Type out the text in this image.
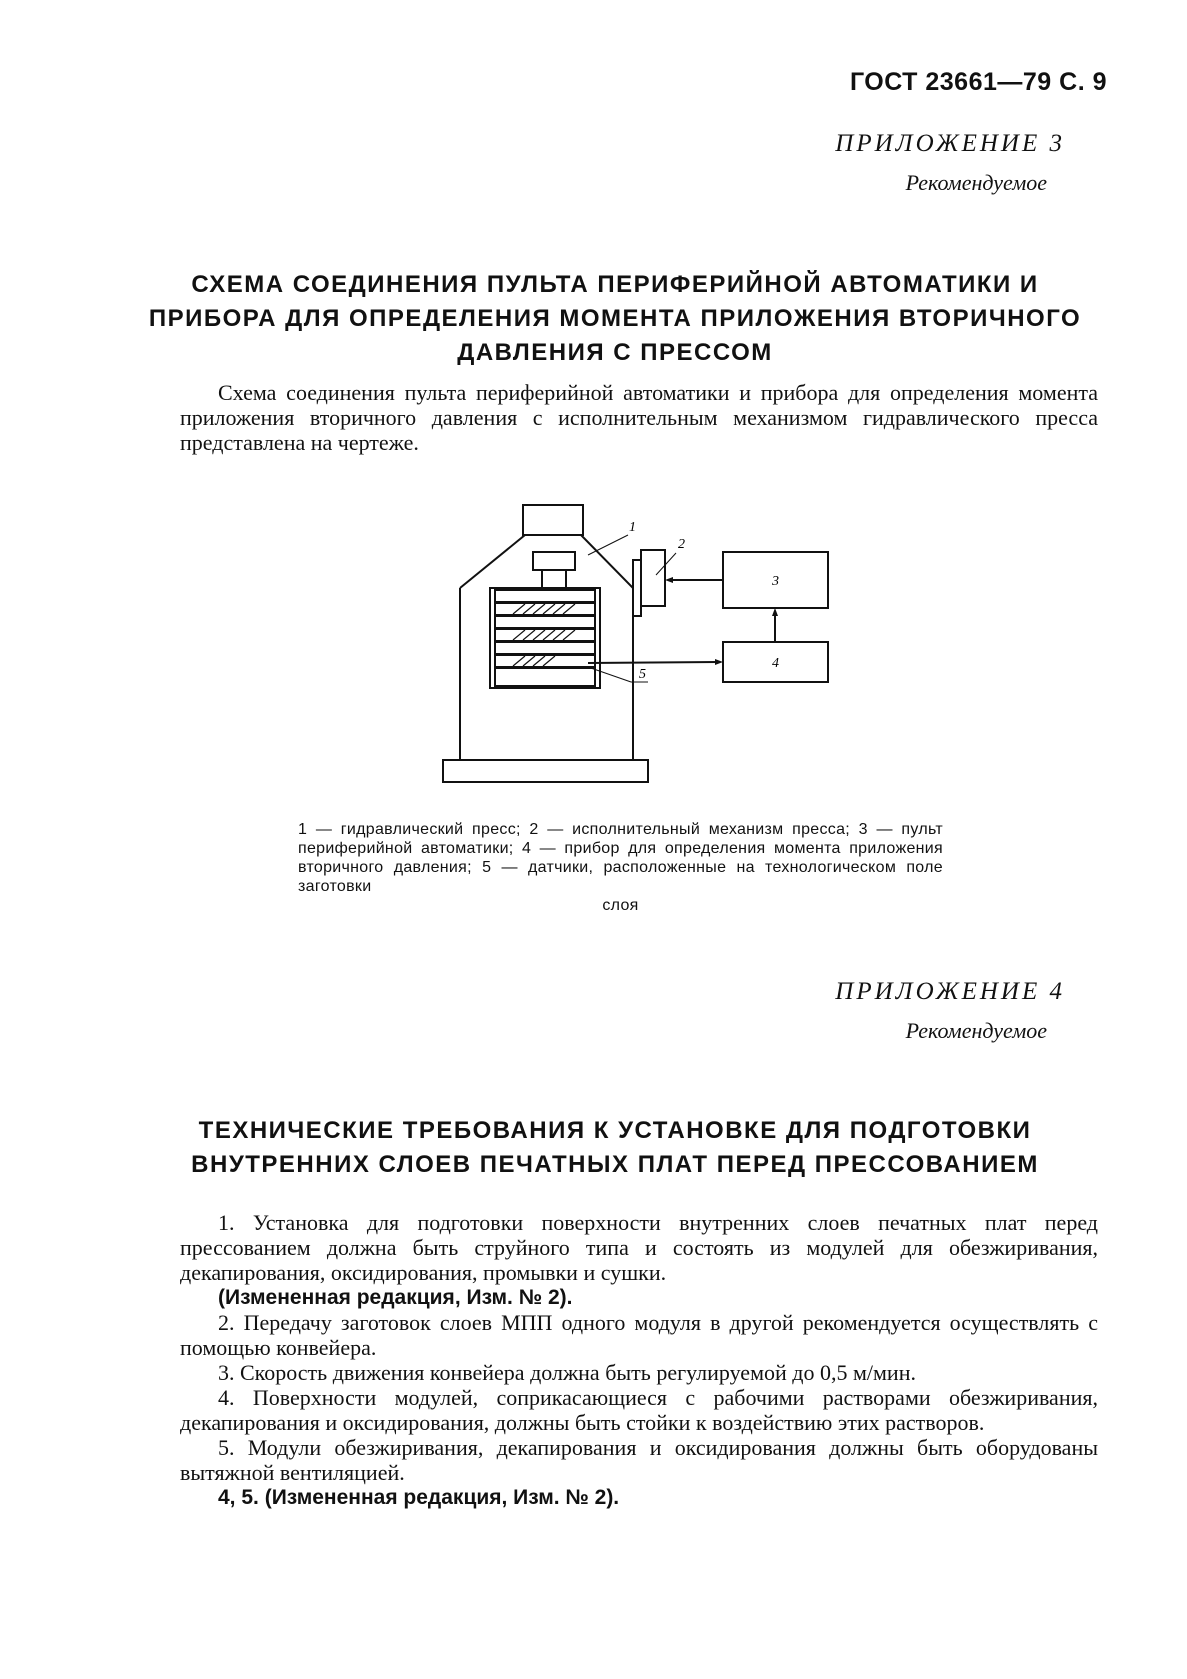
ГОСТ 23661—79 С. 9
ПРИЛОЖЕНИЕ 3
Рекомендуемое
СХЕМА СОЕДИНЕНИЯ ПУЛЬТА ПЕРИФЕРИЙНОЙ АВТОМАТИКИ И
ПРИБОРА ДЛЯ ОПРЕДЕЛЕНИЯ МОМЕНТА ПРИЛОЖЕНИЯ ВТОРИЧНОГО
ДАВЛЕНИЯ С ПРЕССОМ

Схема соединения пульта периферийной автоматики и прибора для определения момента приложения вторичного давления с исполнительным механизмом гидравлического пресса представлена на чертеже.

1
2
3
4
5
1 — гидравлический пресс; 2 — исполнительный механизм пресса; 3 — пульт периферийной автоматики; 4 — прибор для определения момента приложения вторичного давления; 5 — датчики, расположенные на технологическом поле заготовки
слоя
ПРИЛОЖЕНИЕ 4
Рекомендуемое
ТЕХНИЧЕСКИЕ ТРЕБОВАНИЯ К УСТАНОВКЕ ДЛЯ ПОДГОТОВКИ
ВНУТРЕННИХ СЛОЕВ ПЕЧАТНЫХ ПЛАТ ПЕРЕД ПРЕССОВАНИЕМ

1. Установка для подготовки поверхности внутренних слоев печатных плат перед прессованием должна быть струйного типа и состоять из модулей для обезжиривания, декапирования, оксидирования, промывки и сушки.

(Измененная редакция, Изм. № 2).

2. Передачу заготовок слоев МПП одного модуля в другой рекомендуется осуществлять с помощью конвейера.

3. Скорость движения конвейера должна быть регулируемой до 0,5 м/мин.

4. Поверхности модулей, соприкасающиеся с рабочими растворами обезжиривания, декапирования и оксидирования, должны быть стойки к воздействию этих растворов.

5. Модули обезжиривания, декапирования и оксидирования должны быть оборудованы вытяжной вентиляцией.

4, 5. (Измененная редакция, Изм. № 2).
